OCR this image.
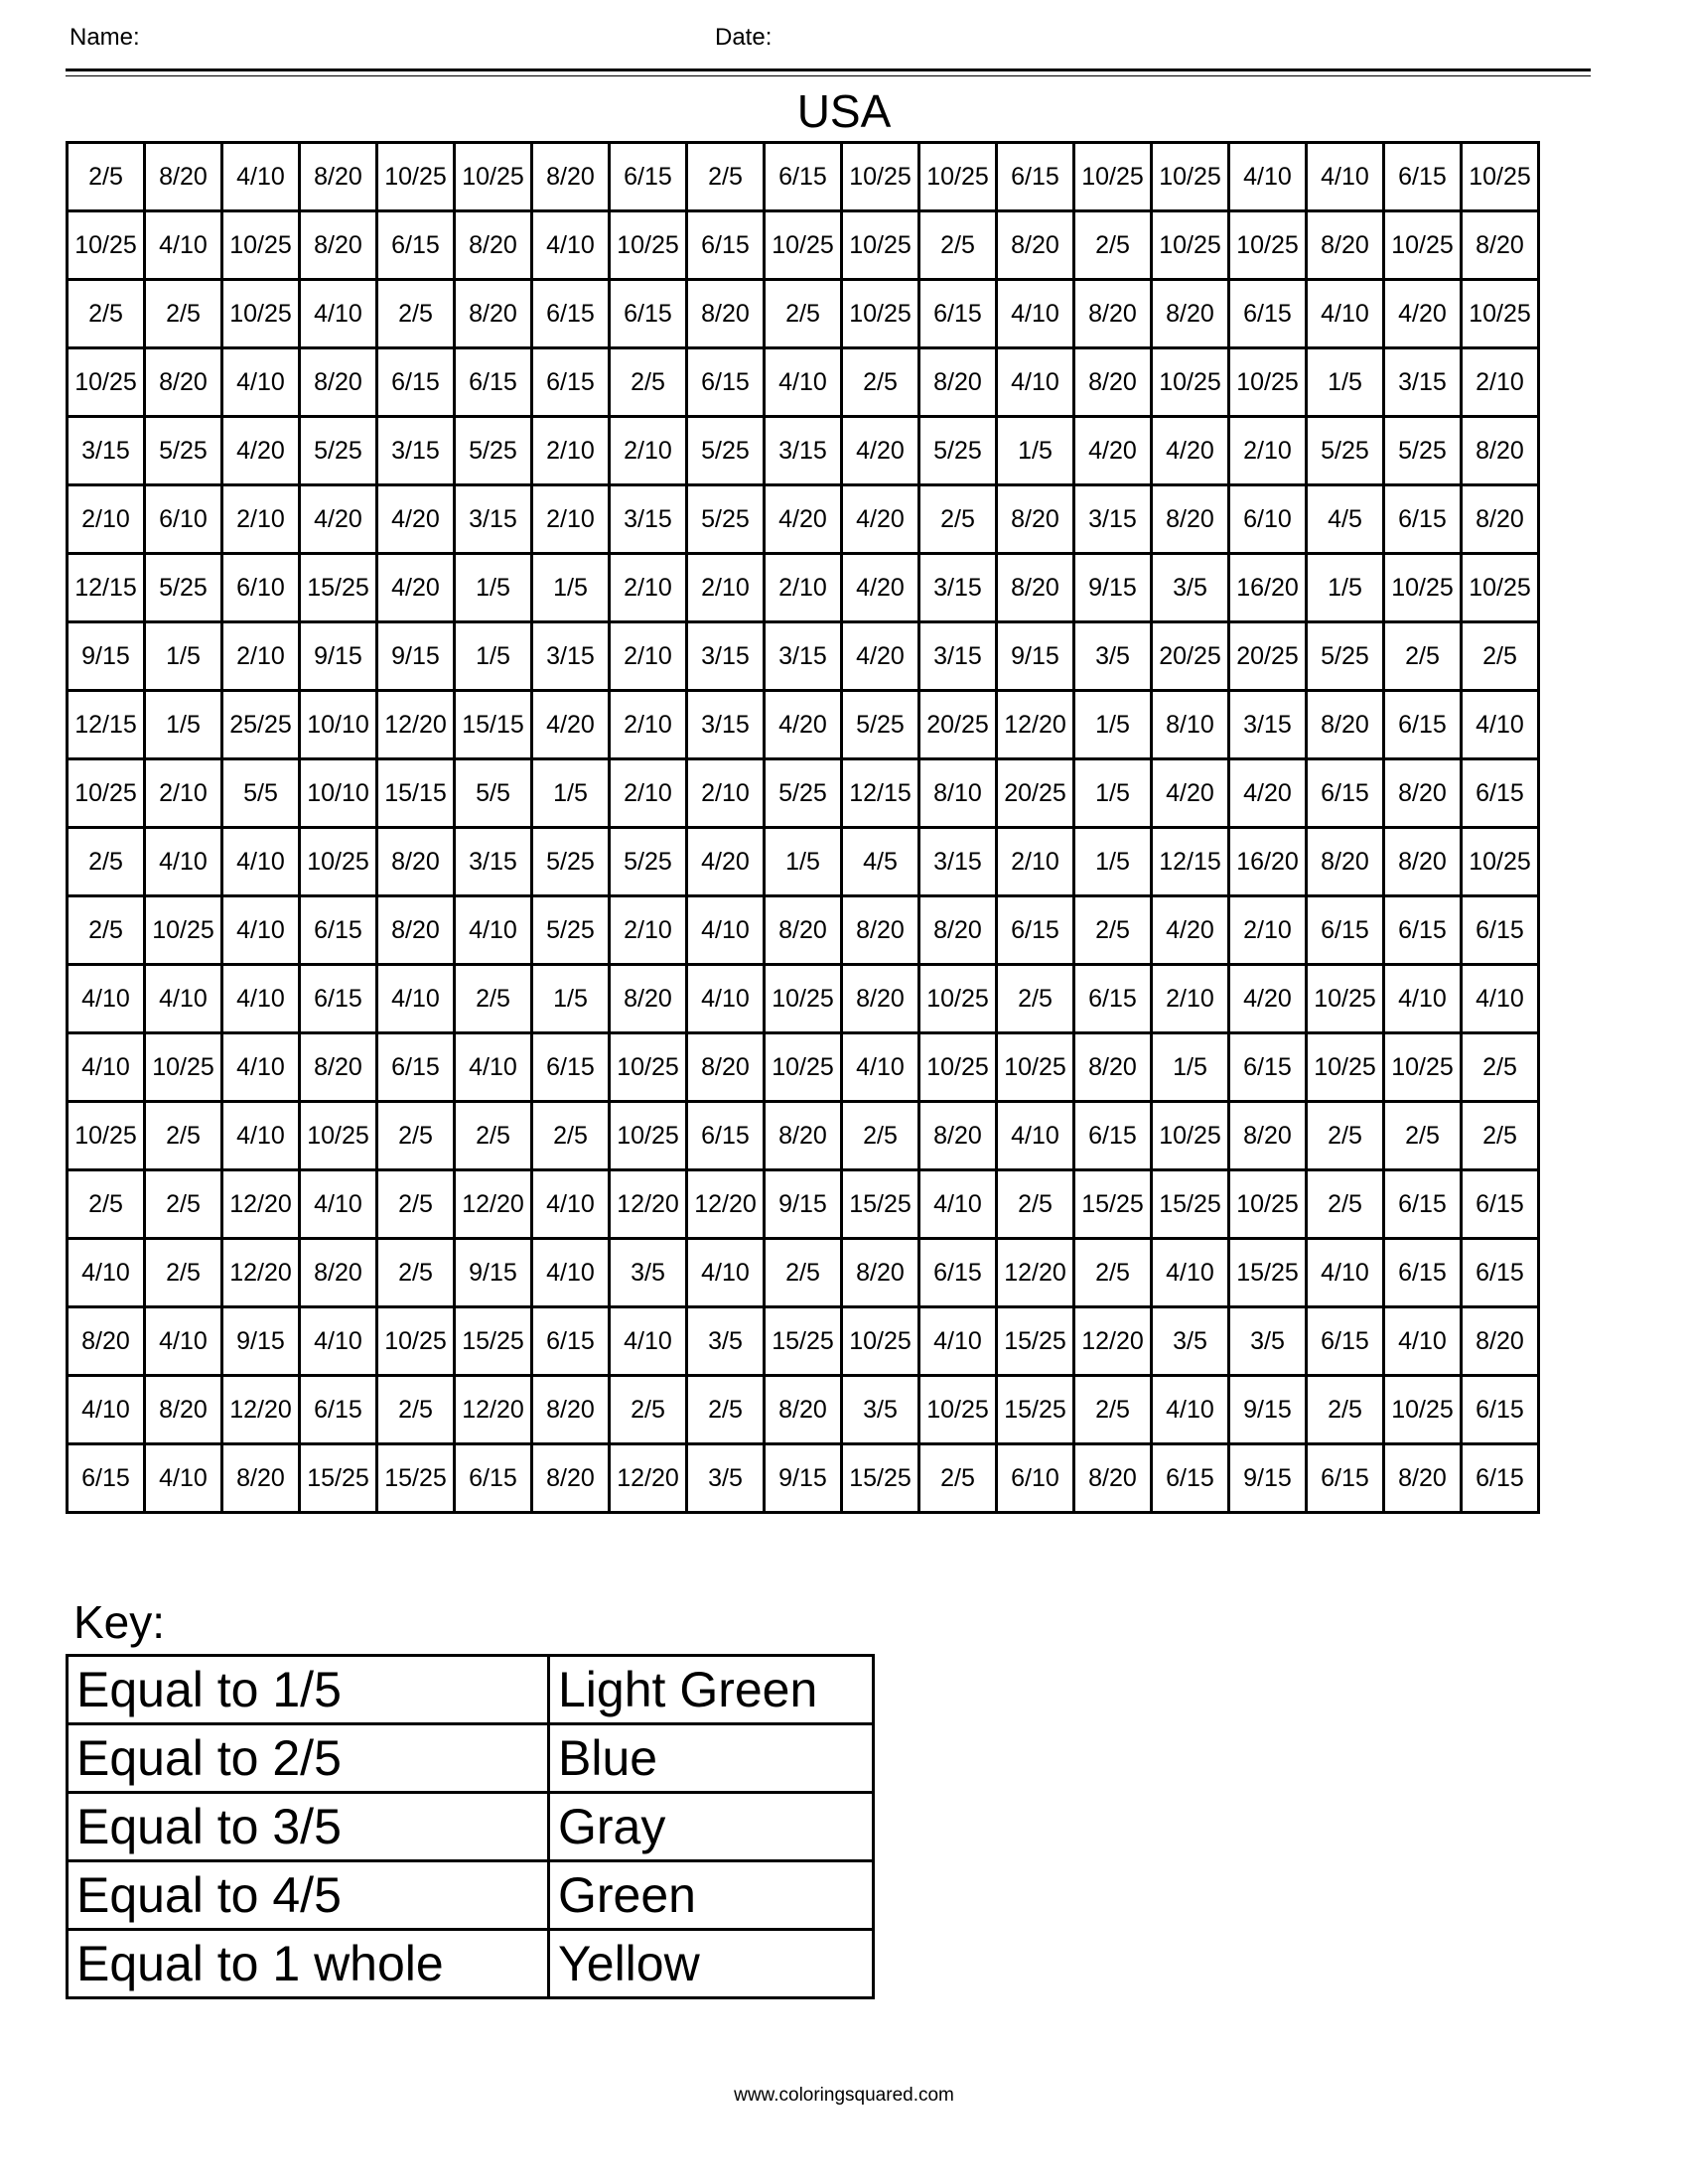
Name:	Date:
USA
2/5	8/20	4/10	8/20	10/25	10/25	8/20	6/15	2/5	6/15	10/25	10/25	6/15	10/25	10/25	4/10	4/10	6/15	10/25
10/25	4/10	10/25	8/20	6/15	8/20	4/10	10/25	6/15	10/25	10/25	2/5	8/20	2/5	10/25	10/25	8/20	10/25	8/20
2/5	2/5	10/25	4/10	2/5	8/20	6/15	6/15	8/20	2/5	10/25	6/15	4/10	8/20	8/20	6/15	4/10	4/20	10/25
10/25	8/20	4/10	8/20	6/15	6/15	6/15	2/5	6/15	4/10	2/5	8/20	4/10	8/20	10/25	10/25	1/5	3/15	2/10
3/15	5/25	4/20	5/25	3/15	5/25	2/10	2/10	5/25	3/15	4/20	5/25	1/5	4/20	4/20	2/10	5/25	5/25	8/20
2/10	6/10	2/10	4/20	4/20	3/15	2/10	3/15	5/25	4/20	4/20	2/5	8/20	3/15	8/20	6/10	4/5	6/15	8/20
12/15	5/25	6/10	15/25	4/20	1/5	1/5	2/10	2/10	2/10	4/20	3/15	8/20	9/15	3/5	16/20	1/5	10/25	10/25
9/15	1/5	2/10	9/15	9/15	1/5	3/15	2/10	3/15	3/15	4/20	3/15	9/15	3/5	20/25	20/25	5/25	2/5	2/5
12/15	1/5	25/25	10/10	12/20	15/15	4/20	2/10	3/15	4/20	5/25	20/25	12/20	1/5	8/10	3/15	8/20	6/15	4/10
10/25	2/10	5/5	10/10	15/15	5/5	1/5	2/10	2/10	5/25	12/15	8/10	20/25	1/5	4/20	4/20	6/15	8/20	6/15
2/5	4/10	4/10	10/25	8/20	3/15	5/25	5/25	4/20	1/5	4/5	3/15	2/10	1/5	12/15	16/20	8/20	8/20	10/25
2/5	10/25	4/10	6/15	8/20	4/10	5/25	2/10	4/10	8/20	8/20	8/20	6/15	2/5	4/20	2/10	6/15	6/15	6/15
4/10	4/10	4/10	6/15	4/10	2/5	1/5	8/20	4/10	10/25	8/20	10/25	2/5	6/15	2/10	4/20	10/25	4/10	4/10
4/10	10/25	4/10	8/20	6/15	4/10	6/15	10/25	8/20	10/25	4/10	10/25	10/25	8/20	1/5	6/15	10/25	10/25	2/5
10/25	2/5	4/10	10/25	2/5	2/5	2/5	10/25	6/15	8/20	2/5	8/20	4/10	6/15	10/25	8/20	2/5	2/5	2/5
2/5	2/5	12/20	4/10	2/5	12/20	4/10	12/20	12/20	9/15	15/25	4/10	2/5	15/25	15/25	10/25	2/5	6/15	6/15
4/10	2/5	12/20	8/20	2/5	9/15	4/10	3/5	4/10	2/5	8/20	6/15	12/20	2/5	4/10	15/25	4/10	6/15	6/15
8/20	4/10	9/15	4/10	10/25	15/25	6/15	4/10	3/5	15/25	10/25	4/10	15/25	12/20	3/5	3/5	6/15	4/10	8/20
4/10	8/20	12/20	6/15	2/5	12/20	8/20	2/5	2/5	8/20	3/5	10/25	15/25	2/5	4/10	9/15	2/5	10/25	6/15
6/15	4/10	8/20	15/25	15/25	6/15	8/20	12/20	3/5	9/15	15/25	2/5	6/10	8/20	6/15	9/15	6/15	8/20	6/15
Key:
Equal to 1/5	Light Green
Equal to 2/5	Blue
Equal to 3/5	Gray
Equal to 4/5	Green
Equal to 1 whole	Yellow
www.coloringsquared.com
